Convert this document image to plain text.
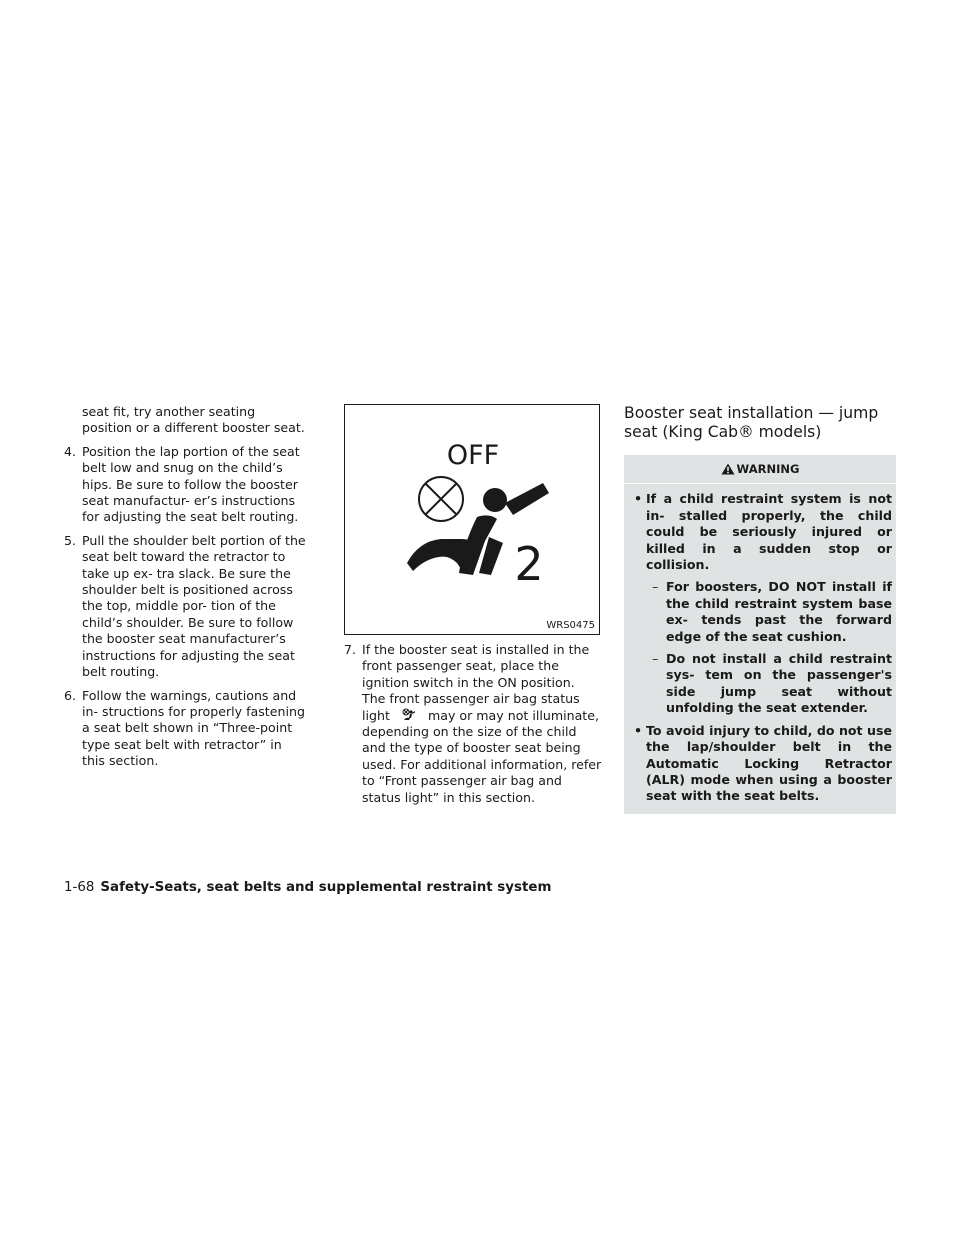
seat fit, try another seating position or a different booster seat.

4. Position the lap portion of the seat belt low and snug on the child’s hips. Be sure to follow the booster seat manufactur- er’s instructions for adjusting the seat belt routing.
5. Pull the shoulder belt portion of the seat belt toward the retractor to take up ex- tra slack. Be sure the shoulder belt is positioned across the top, middle por- tion of the child’s shoulder. Be sure to follow the booster seat manufacturer’s instructions for adjusting the seat belt routing.
6. Follow the warnings, cautions and in- structions for properly fastening a seat belt shown in “Three-point type seat belt with retractor” in this section.
OFF
2
WRS0475
7. If the booster seat is installed in the front passenger seat, place the ignition switch in the ON position. The front passenger air bag status light	may or may not illuminate, depending on the size of the child and the type of booster seat being used. For additional information, refer to “Front passenger air bag and status light” in this section.
Booster seat installation — jump seat (King Cab® models)
WARNING
• If a child restraint system is not in- stalled properly, the child could be seriously injured or killed in a sudden stop or collision.
– For boosters, DO NOT install if the child restraint system base ex- tends past the forward edge of the seat cushion.
– Do not install a child restraint sys- tem on the passenger's side jump seat without unfolding the seat extender.
• To avoid injury to child, do not use the lap/shoulder belt in the Automatic Locking Retractor (ALR) mode when using a booster seat with the seat belts.
1-68 Safety-Seats, seat belts and supplemental restraint system
